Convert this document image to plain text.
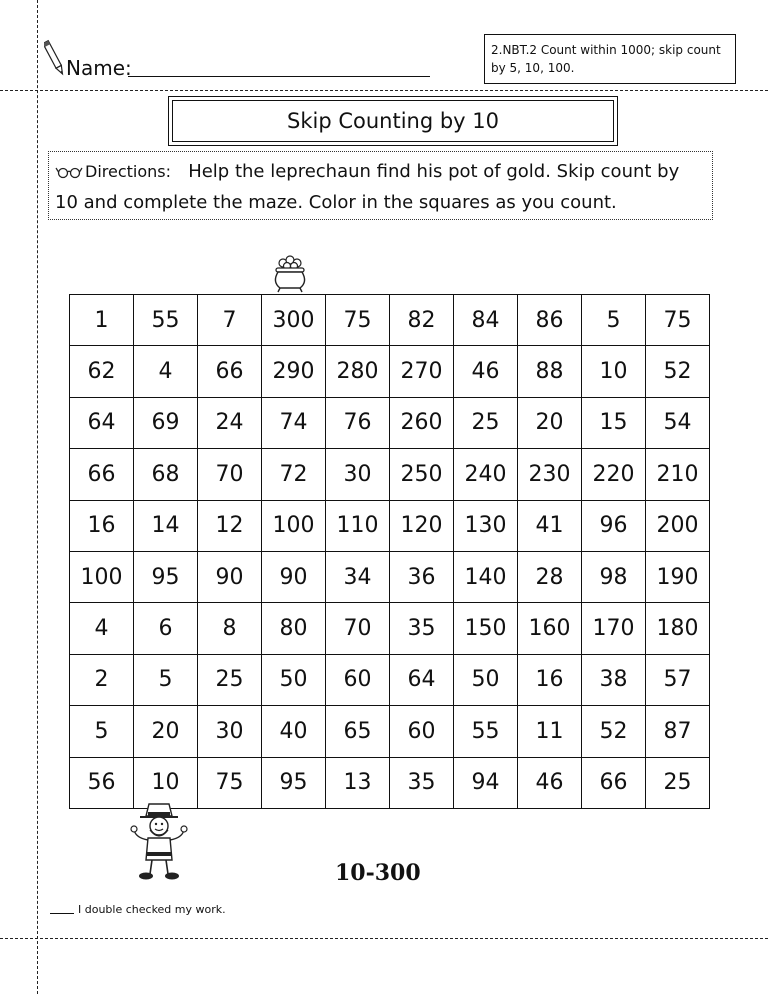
Name:
2.NBT.2 Count within 1000; skip count by 5, 10, 100.
Skip Counting by 10
Directions: Help the leprechaun find his pot of gold. Skip count by 10 and complete the maze. Color in the squares as you count.
1	55	7	300	75	82	84	86	5	75
62	4	66	290	280	270	46	88	10	52
64	69	24	74	76	260	25	20	15	54
66	68	70	72	30	250	240	230	220	210
16	14	12	100	110	120	130	41	96	200
100	95	90	90	34	36	140	28	98	190
4	6	8	80	70	35	150	160	170	180
2	5	25	50	60	64	50	16	38	57
5	20	30	40	65	60	55	11	52	87
56	10	75	95	13	35	94	46	66	25
10-300
I double checked my work.
